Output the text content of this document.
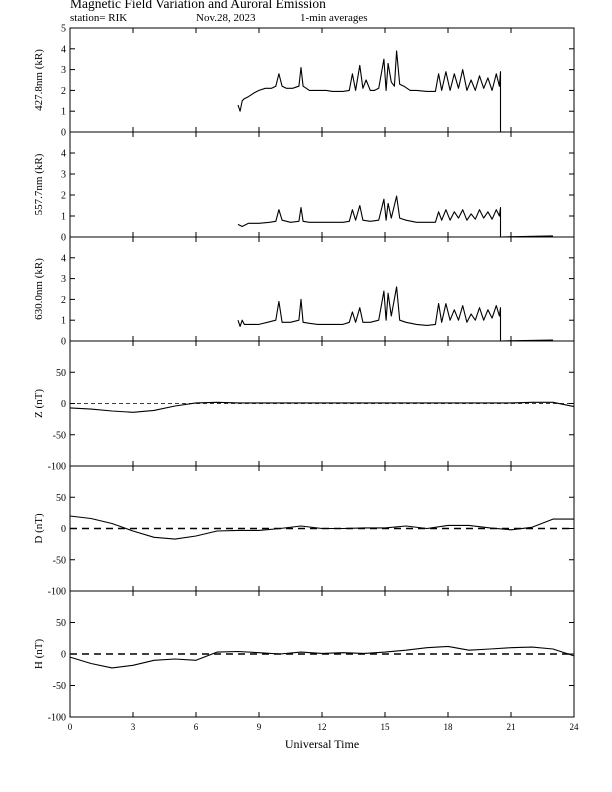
Magnetic Field Variation and Auroral Emission
station= RIK	Nov.28, 2023	1-min averages
0
1
2
3
4
5
427.8nm (kR)
0
1
2
3
4
557.7nm (kR)
0
1
2
3
4
630.0nm (kR)
-100
-50
0
50
Z (nT)
-100
-50
0
50
D (nT)
-100
-50
0
50
H (nT)
0	3	6	9	12	15	18	21	24
Universal Time
